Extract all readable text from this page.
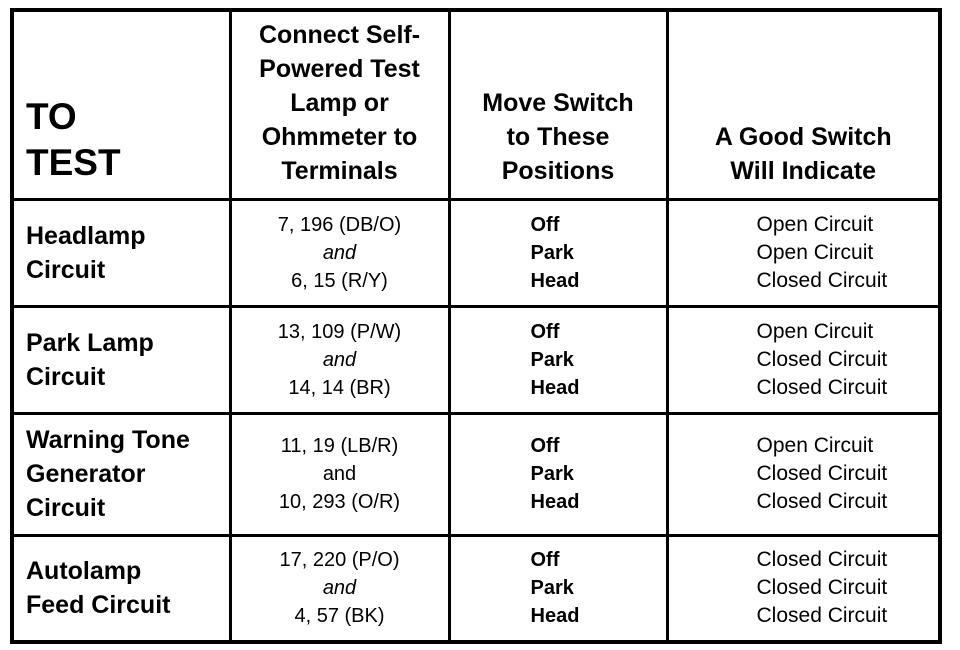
TO
TEST	Connect Self-
Powered Test
Lamp or
Ohmmeter to
Terminals	Move Switch
to These
Positions	A Good Switch
Will Indicate

Headlamp
Circuit	7, 196 (DB/O)
and
6, 15 (R/Y)	Off
Park
Head	Open Circuit
Open Circuit
Closed Circuit

Park Lamp
Circuit	13, 109 (P/W)
and
14, 14 (BR)	Off
Park
Head	Open Circuit
Closed Circuit
Closed Circuit

Warning Tone
Generator
Circuit	11, 19 (LB/R)
and
10, 293 (O/R)	Off
Park
Head	Open Circuit
Closed Circuit
Closed Circuit

Autolamp
Feed Circuit	17, 220 (P/O)
and
4, 57 (BK)	Off
Park
Head	Closed Circuit
Closed Circuit
Closed Circuit
